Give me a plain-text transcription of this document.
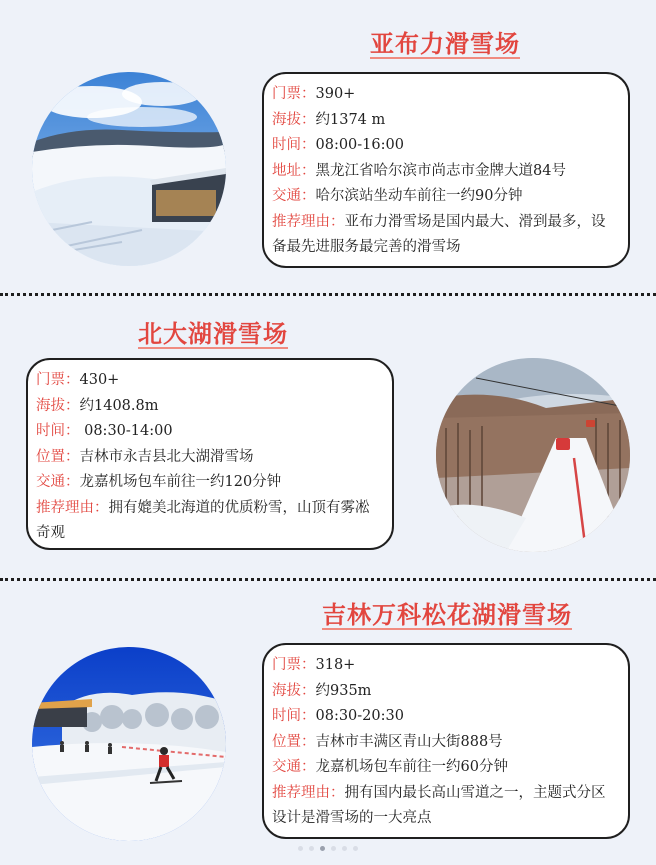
亚布力滑雪场

门票：390+

海拔：约1374 m

时间：08:00-16:00

地址：黑龙江省哈尔滨市尚志市金牌大道84号

交通：哈尔滨站坐动车前往一约90分钟

推荐理由：亚布力滑雪场是国内最大、滑到最多，设备最先进服务最完善的滑雪场

北大湖滑雪场

门票：430+

海拔：约1408.8m

时间： 08:30-14:00

位置：吉林市永吉县北大湖滑雪场

交通：龙嘉机场包车前往一约120分钟

推荐理由：拥有媲美北海道的优质粉雪，山顶有雾凇奇观

吉林万科松花湖滑雪场

门票：318+

海拔：约935m

时间：08:30-20:30

位置：吉林市丰满区青山大街888号

交通：龙嘉机场包车前往一约60分钟

推荐理由：拥有国内最长高山雪道之一，主题式分区设计是滑雪场的一大亮点
